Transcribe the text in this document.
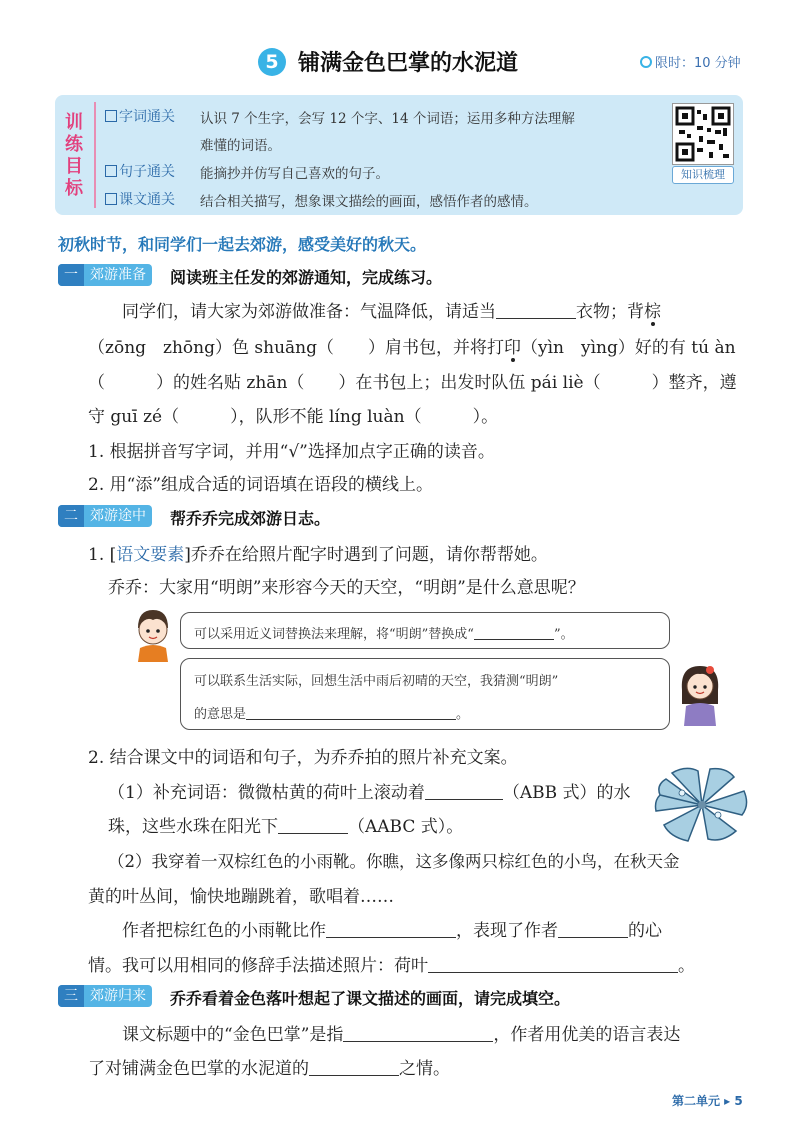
5 铺满金色巴掌的水泥道	限时：10 分钟
训练目标
字词通关 认识 7 个生字，会写 12 个字、14 个词语；运用多种方法理解
难懂的词语。
句子通关 能摘抄并仿写自己喜欢的句子。
课文通关 结合相关描写，想象课文描绘的画面，感悟作者的感情。
知识梳理
初秋时节，和同学们一起去郊游，感受美好的秋天。
一 郊游准备	阅读班主任发的郊游通知，完成练习。
同学们，请大家为郊游做准备：气温降低，请适当	衣物；背棕
（zōng　zhōng）色 shuāng（　　）肩书包，并将打印（yìn　yìng）好的有 tú àn
（　　　）的姓名贴 zhān（　　）在书包上；出发时队伍 pái liè（　　　）整齐，遵
守 guī zé（　　　），队形不能 líng luàn（　　　）。
1. 根据拼音写字词，并用“√”选择加点字正确的读音。
2. 用“添”组成合适的词语填在语段的横线上。
二 郊游途中	帮乔乔完成郊游日志。
1. [语文要素]乔乔在给照片配字时遇到了问题，请你帮帮她。
乔乔：大家用“明朗”来形容今天的天空，“明朗”是什么意思呢？
可以采用近义词替换法来理解，将“明朗”替换成“	”。
可以联系生活实际，回想生活中雨后初晴的天空，我猜测“明朗”
的意思是	。
2. 结合课文中的词语和句子，为乔乔拍的照片补充文案。
（1）补充词语：微微枯黄的荷叶上滚动着	（ABB 式）的水
珠，这些水珠在阳光下	（AABC 式）。
（2）我穿着一双棕红色的小雨靴。你瞧，这多像两只棕红色的小鸟，在秋天金
黄的叶丛间，愉快地蹦跳着，歌唱着……
作者把棕红色的小雨靴比作	，表现了作者	的心
情。我可以用相同的修辞手法描述照片：荷叶	。
三 郊游归来	乔乔看着金色落叶想起了课文描述的画面，请完成填空。
课文标题中的“金色巴掌”是指	，作者用优美的语言表达
了对铺满金色巴掌的水泥道的	之情。
第二单元 ▸ 5
